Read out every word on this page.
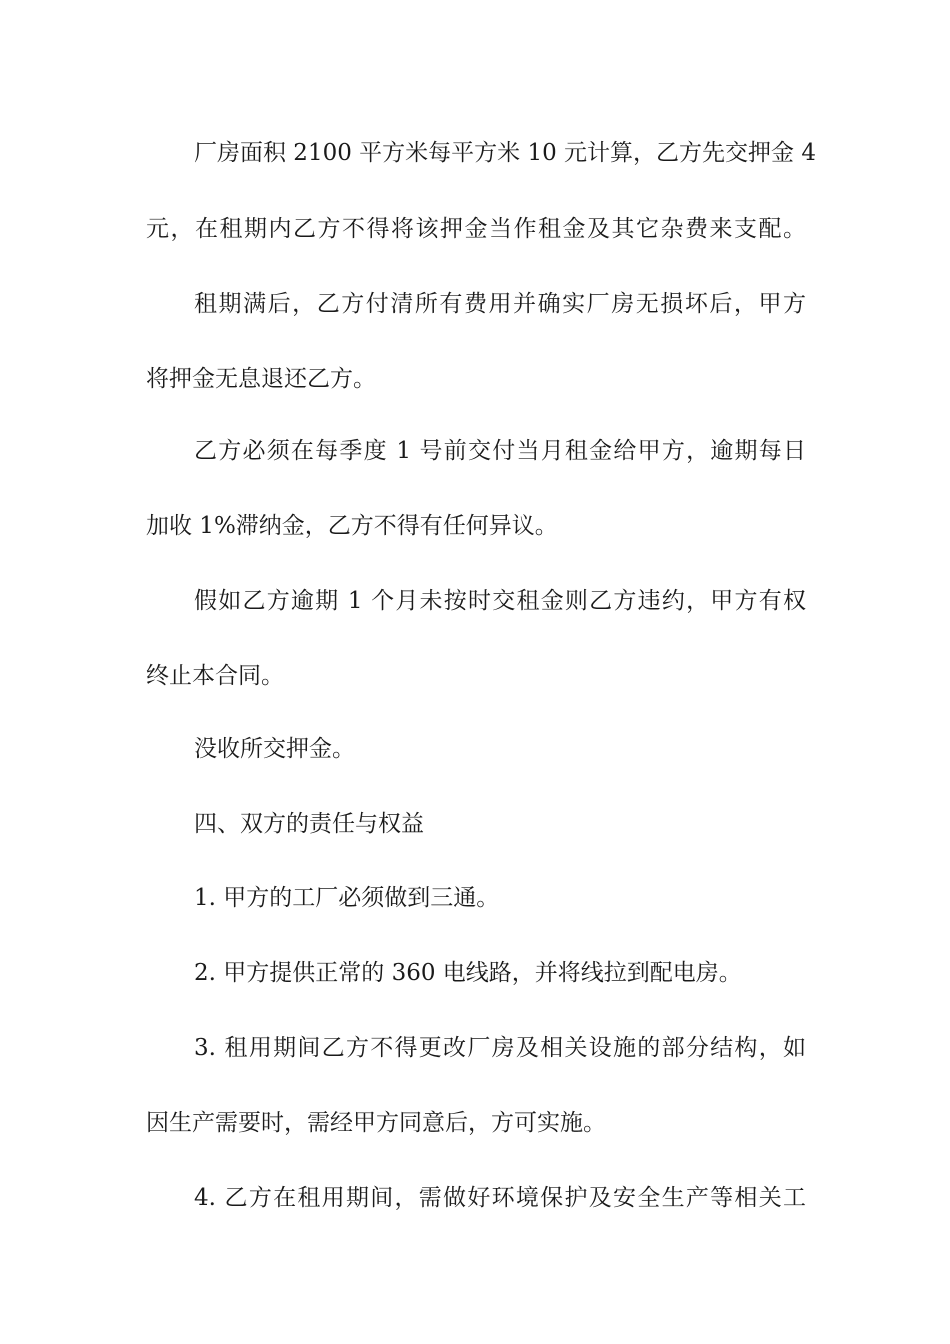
厂房面积 2100 平方米每平方米 10 元计算，乙方先交押金 4
元，在租期内乙方不得将该押金当作租金及其它杂费来支配。
租期满后，乙方付清所有费用并确实厂房无损坏后，甲方
将押金无息退还乙方。
乙方必须在每季度 1 号前交付当月租金给甲方，逾期每日
加收 1%滞纳金，乙方不得有任何异议。
假如乙方逾期 1 个月未按时交租金则乙方违约，甲方有权
终止本合同。
没收所交押金。
四、双方的责任与权益
1. 甲方的工厂必须做到三通。
2. 甲方提供正常的 360 电线路，并将线拉到配电房。
3. 租用期间乙方不得更改厂房及相关设施的部分结构，如
因生产需要时，需经甲方同意后，方可实施。
4. 乙方在租用期间，需做好环境保护及安全生产等相关工
